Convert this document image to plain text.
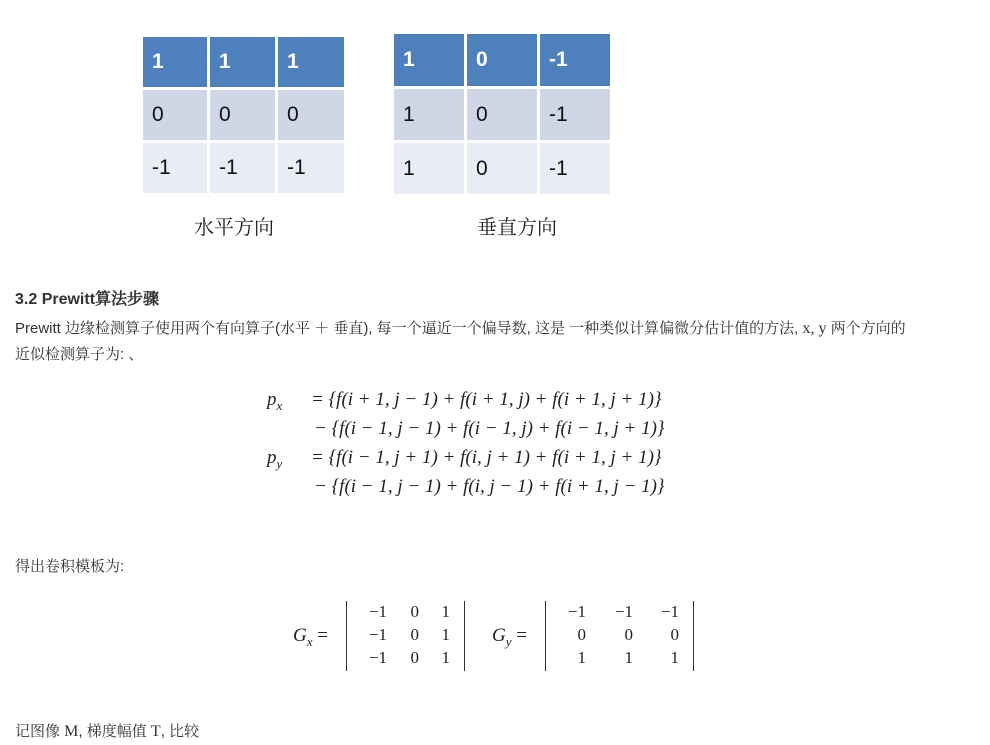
1	1	1
0	0	0
-1	-1	-1
水平方向
1	0	-1
1	0	-1
1	0	-1
垂直方向
3.2 Prewitt算法步骤
Prewitt 边缘检测算子使用两个有向算子(水平 ＋ 垂直), 每一个逼近一个偏导数, 这是 一种类似计算偏微分估计值的方法, x, y 两个方向的
近似检测算子为: 、
$p_x = \{f(i + 1$, j − 1) + f(i + 1, j) + f(i + 1, j + 1)}
− {f(i − 1, j − 1) + f(i − 1, j) + f(i − 1, j + 1)}
$p_y = \{f(i - 1$, j + 1) + f(i, j + 1) + f(i + 1, j + 1)}
− {f(i − 1, j − 1) + f(i, j − 1) + f(i + 1, j − 1)}
得出卷积模板为:
$G_x$ =
−1	0	1
−1	0	1
−1	0	1
$G_y$ =
−1	−1	−1
0	0	0
1	1	1
记图像 M, 梯度幅值 T, 比较
